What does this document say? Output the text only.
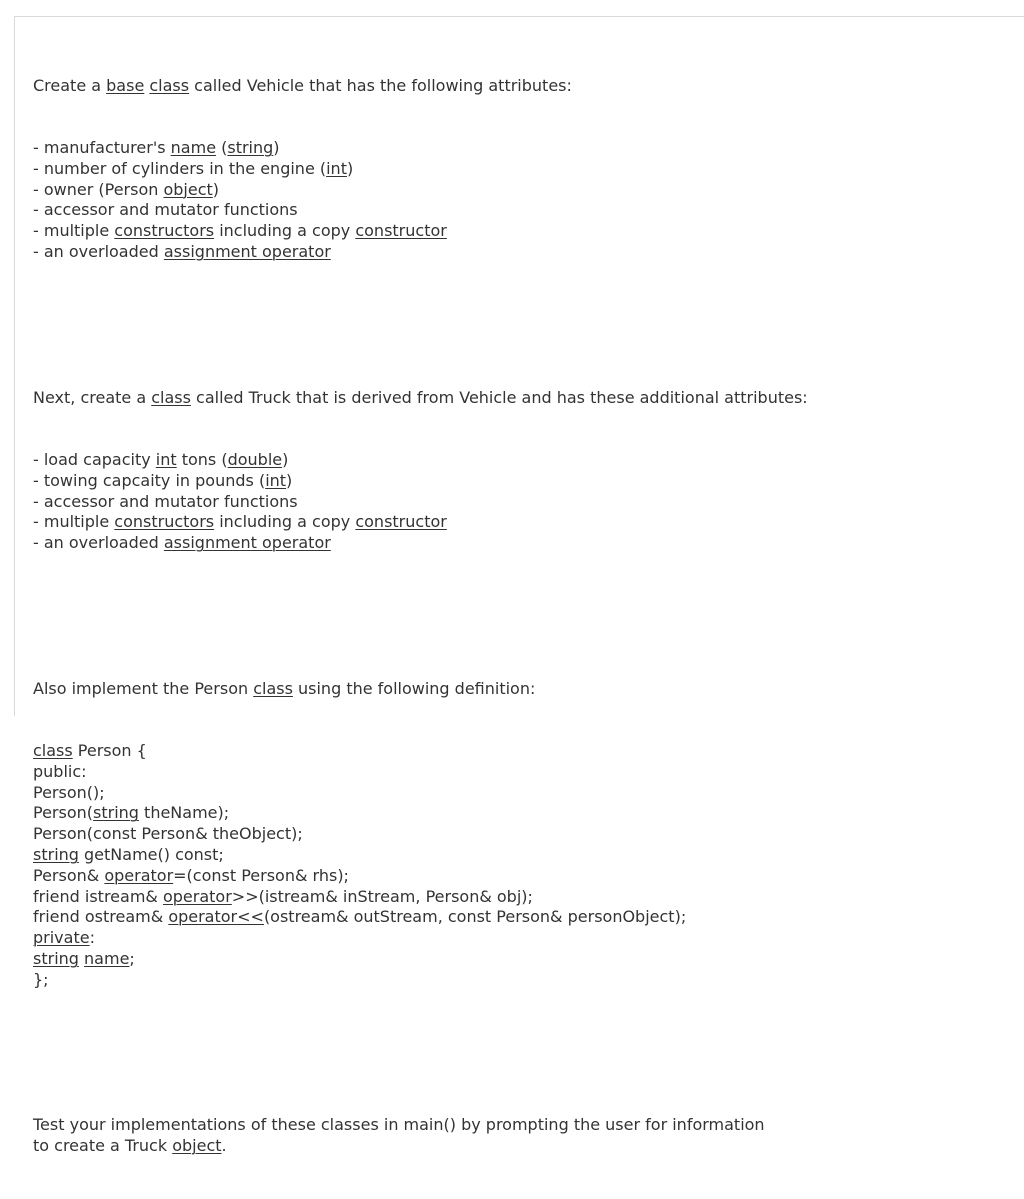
Create a base class called Vehicle that has the following attributes:

- manufacturer's name (string)
- number of cylinders in the engine (int)
- owner (Person object)
- accessor and mutator functions
- multiple constructors including a copy constructor
- an overloaded assignment operator

Next, create a class called Truck that is derived from Vehicle and has these additional attributes:

- load capacity int tons (double)
- towing capcaity in pounds (int)
- accessor and mutator functions
- multiple constructors including a copy constructor
- an overloaded assignment operator

Also implement the Person class using the following definition:

class Person {
public:
Person();
Person(string theName);
Person(const Person& theObject);
string getName() const;
Person& operator=(const Person& rhs);
friend istream& operator>>(istream& inStream, Person& obj);
friend ostream& operator<<(ostream& outStream, const Person& personObject);
private:
string name;
};

Test your implementations of these classes in main() by prompting the user for information
to create a Truck object.
